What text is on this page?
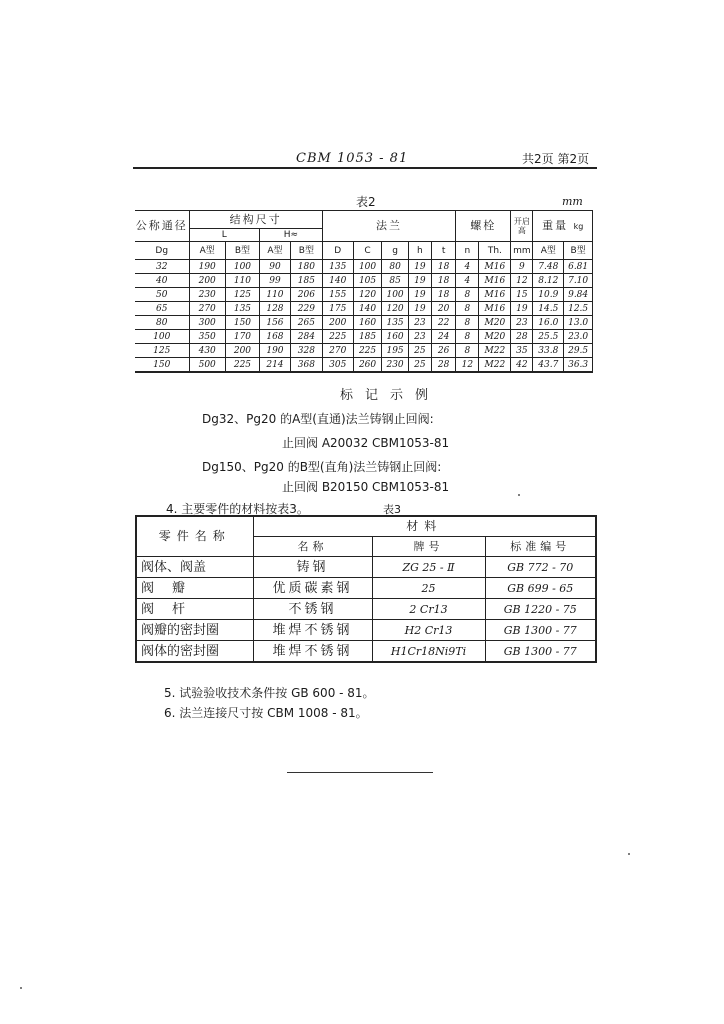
CBM 1053 - 81	共2页 第2页
表2	mm
公称通径	结构尺寸				法兰					螺栓		开启高	重量 kg	
	L		H≈											
Dg	A型	B型	A型	B型	D	C	g	h	t	n	Th.	mm	A型	B型
32	190	100	90	180	135	100	80	19	18	4	M16	9	7.48	6.81
40	200	110	99	185	140	105	85	19	18	4	M16	12	8.12	7.10
50	230	125	110	206	155	120	100	19	18	8	M16	15	10.9	9.84
65	270	135	128	229	175	140	120	19	20	8	M16	19	14.5	12.5
80	300	150	156	265	200	160	135	23	22	8	M20	23	16.0	13.0
100	350	170	168	284	225	185	160	23	24	8	M20	28	25.5	23.0
125	430	200	190	328	270	225	195	25	26	8	M22	35	33.8	29.5
150	500	225	214	368	305	260	230	25	28	12	M22	42	43.7	36.3
标记示例
Dg32、Pg20 的A型(直通)法兰铸钢止回阀:
止回阀 A20032 CBM1053-81
Dg150、Pg20 的B型(直角)法兰铸钢止回阀:
止回阀 B20150 CBM1053-81
4. 主要零件的材料按表3。	表3
零件名称	材料		
	名称	牌号	标准编号
阀体、阀盖	铸钢	ZG 25 - Ⅱ	GB 772 - 70
阀瓣	优质碳素钢	25	GB 699 - 65
阀杆	不锈钢	2 Cr13	GB 1220 - 75
阀瓣的密封圈	堆焊不锈钢	H2 Cr13	GB 1300 - 77
阀体的密封圈	堆焊不锈钢	H1Cr18Ni9Ti	GB 1300 - 77
5. 试验验收技术条件按 GB 600 - 81。
6. 法兰连接尺寸按 CBM 1008 - 81。
